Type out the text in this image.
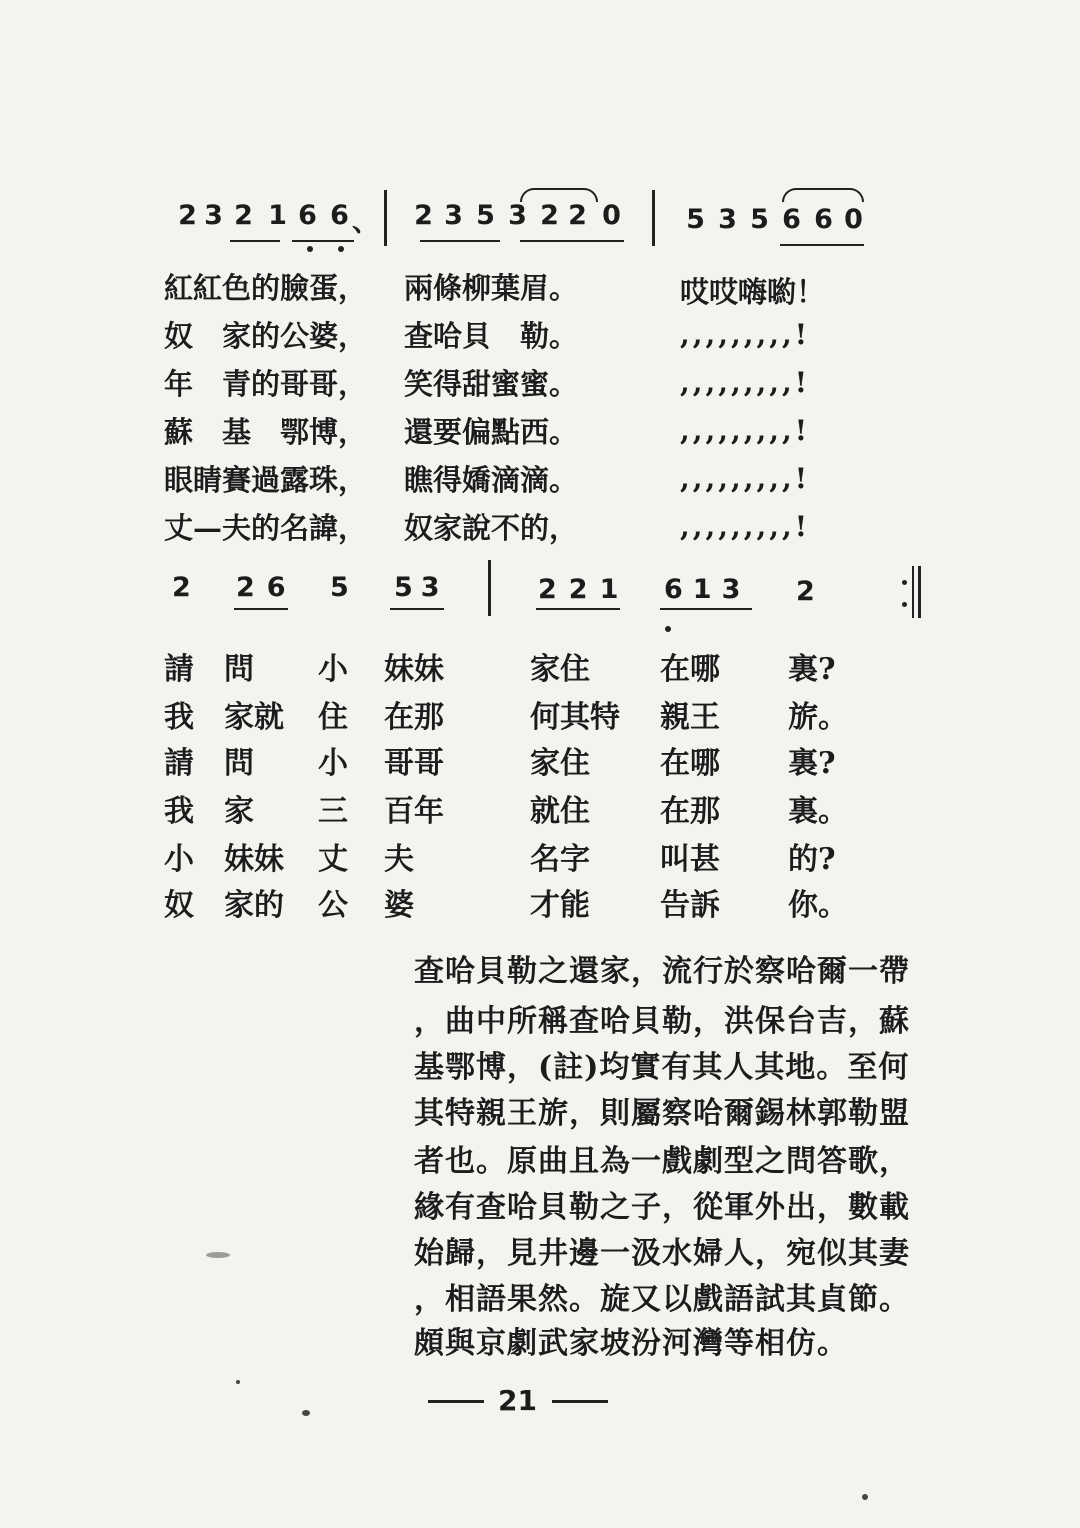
2 3 2 1 6 6 、	2 3 5 3 2 2 0	5 3 5 6 6 0
紅紅色的臉蛋， 兩條柳葉眉。	哎哎嗨喲！
奴　家的公婆， 查哈貝　勒。	,,,,,,,,,!
年　青的哥哥， 笑得甜蜜蜜。	,,,,,,,,,!
蘇　基　鄂博， 還要偏點西。	,,,,,,,,,!
眼睛賽過露珠， 瞧得嬌滴滴。	,,,,,,,,,!
丈—夫的名諱， 奴家說不的，	,,,,,,,,,!
2 26 5 53	221 613 2
請 問 小 妹妹	家住 在哪 裏?
我 家就 住 在那	何其特 親王 旂。
請 問 小 哥哥	家住 在哪 裏?
我 家 三 百年	就住 在那 裏。
小 妹妹 丈 夫	名字 叫甚 的?
奴 家的 公 婆	才能 告訴 你。
查哈貝勒之還家，流行於察哈爾一帶
，曲中所稱查哈貝勒，洪保台吉，蘇
基鄂博，(註)均實有其人其地。至何
其特親王旂，則屬察哈爾錫林郭勒盟
者也。原曲且為一戲劇型之問答歌，
緣有查哈貝勒之子，從軍外出，數載
始歸，見井邊一汲水婦人，宛似其妻
，相語果然。旋又以戲語試其貞節。
頗與京劇武家坡汾河灣等相仿。
21
